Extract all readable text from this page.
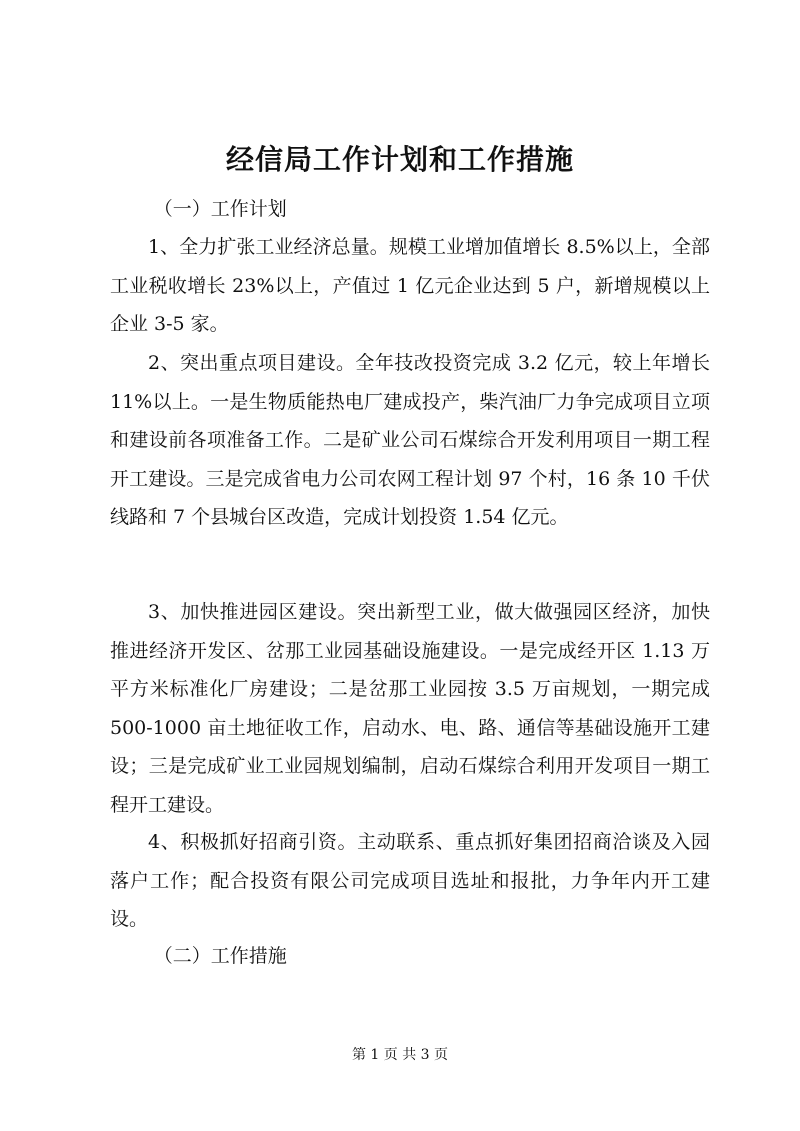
经信局工作计划和工作措施

（一）工作计划

1、全力扩张工业经济总量。规模工业增加值增长 8.5%以上，全部工业税收增长 23%以上，产值过 1 亿元企业达到 5 户，新增规模以上企业 3-5 家。

2、突出重点项目建设。全年技改投资完成 3.2 亿元，较上年增长 11%以上。一是生物质能热电厂建成投产，柴汽油厂力争完成项目立项和建设前各项准备工作。二是矿业公司石煤综合开发利用项目一期工程开工建设。三是完成省电力公司农网工程计划 97 个村，16 条 10 千伏线路和 7 个县城台区改造，完成计划投资 1.54 亿元。

3、加快推进园区建设。突出新型工业，做大做强园区经济，加快推进经济开发区、岔那工业园基础设施建设。一是完成经开区 1.13 万平方米标准化厂房建设；二是岔那工业园按 3.5 万亩规划，一期完成 500-1000 亩土地征收工作，启动水、电、路、通信等基础设施开工建设；三是完成矿业工业园规划编制，启动石煤综合利用开发项目一期工程开工建设。

4、积极抓好招商引资。主动联系、重点抓好集团招商洽谈及入园落户工作；配合投资有限公司完成项目选址和报批，力争年内开工建设。

（二）工作措施

第 1 页 共 3 页
